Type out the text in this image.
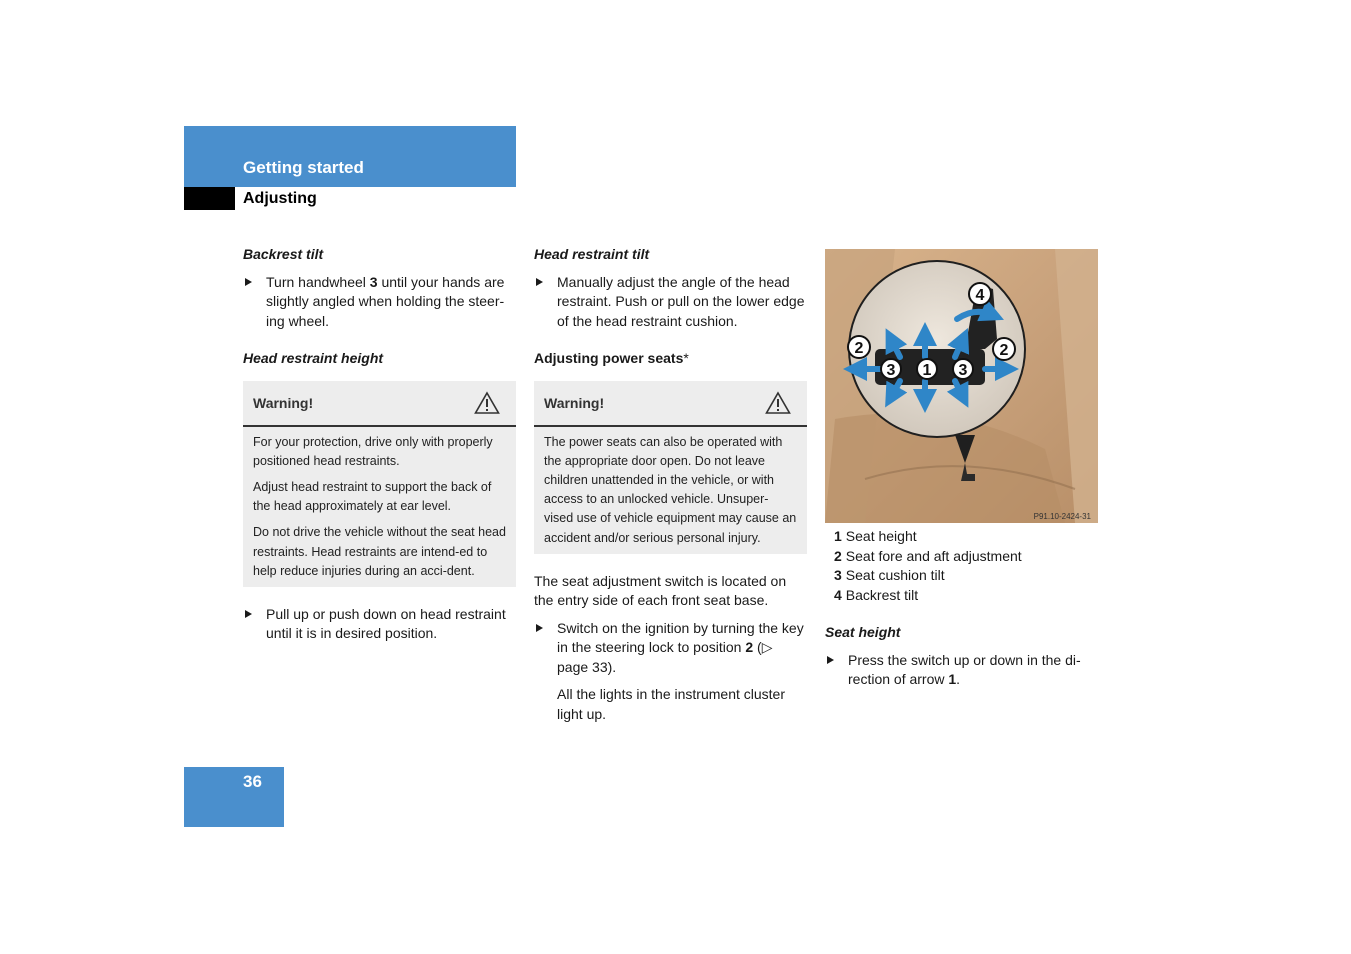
Getting started
Adjusting
Backrest tilt
Turn handwheel 3 until your hands are slightly angled when holding the steer-ing wheel.
Head restraint height
Warning!

For your protection, drive only with properly positioned head restraints.

Adjust head restraint to support the back of the head approximately at ear level.

Do not drive the vehicle without the seat head restraints. Head restraints are intend-ed to help reduce injuries during an acci-dent.

Pull up or push down on head restraint until it is in desired position.
Head restraint tilt
Manually adjust the angle of the head restraint. Push or pull on the lower edge of the head restraint cushion.
Adjusting power seats*
Warning!

The power seats can also be operated with the appropriate door open. Do not leave children unattended in the vehicle, or with access to an unlocked vehicle. Unsuper-vised use of vehicle equipment may cause an accident and/or serious personal injury.

The seat adjustment switch is located on the entry side of each front seat base.

Switch on the ignition by turning the key in the steering lock to position 2 (▷ page 33).

All the lights in the instrument cluster light up.

1
2	2
3	3
4
P91.10-2424-31
1 Seat height
2 Seat fore and aft adjustment
3 Seat cushion tilt
4 Backrest tilt
Seat height
Press the switch up or down in the di-rection of arrow 1.
36
